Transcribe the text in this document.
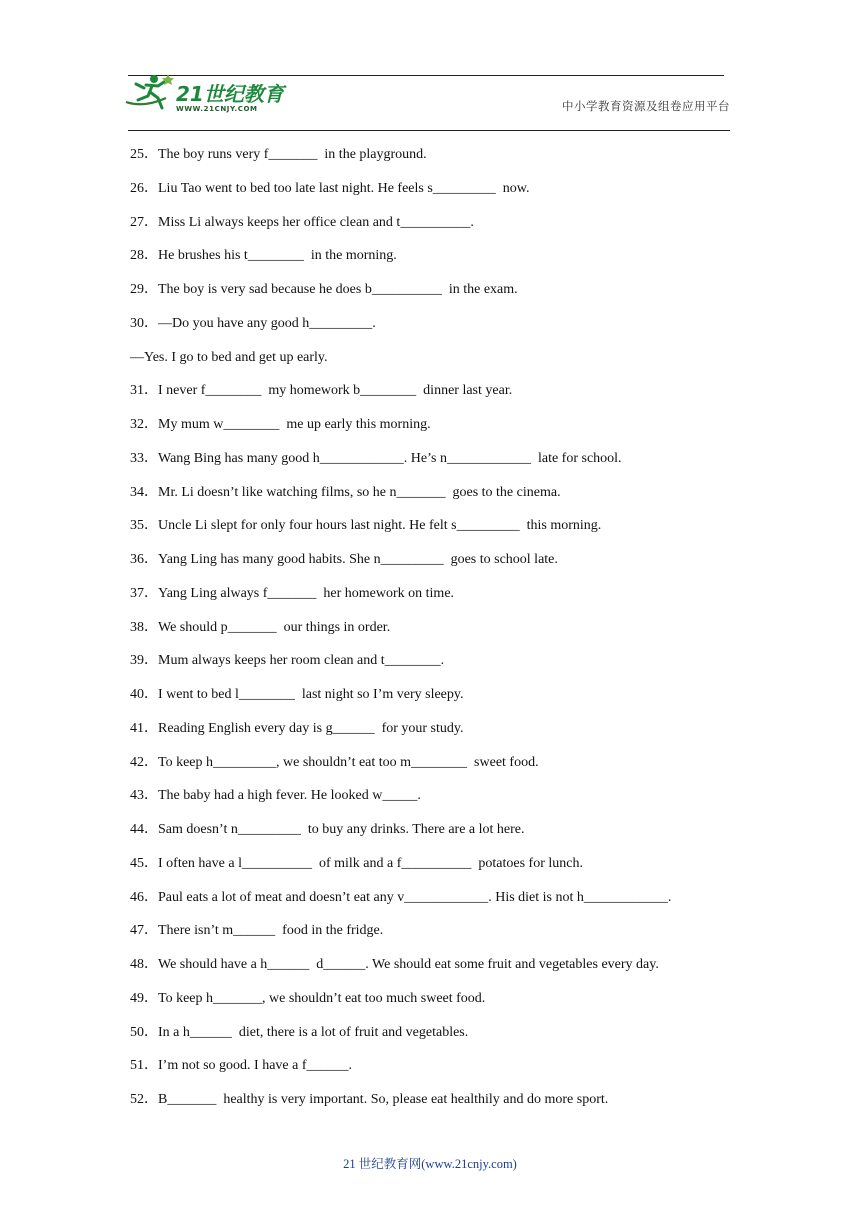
21世纪教育
WWW.21CNJY.COM	中小学教育资源及组卷应用平台
25．The boy runs very f_______  in the playground.
26．Liu Tao went to bed too late last night. He feels s_________  now.
27．Miss Li always keeps her office clean and t__________.
28．He brushes his t________  in the morning.
29．The boy is very sad because he does b__________  in the exam.
30．—Do you have any good h_________.
—Yes. I go to bed and get up early.
31．I never f________  my homework b________  dinner last year.
32．My mum w________  me up early this morning.
33．Wang Bing has many good h____________. He’s n____________  late for school.
34．Mr. Li doesn’t like watching films, so he n_______  goes to the cinema.
35．Uncle Li slept for only four hours last night. He felt s_________  this morning.
36．Yang Ling has many good habits. She n_________  goes to school late.
37．Yang Ling always f_______  her homework on time.
38．We should p_______  our things in order.
39．Mum always keeps her room clean and t________.
40．I went to bed l________  last night so I’m very sleepy.
41．Reading English every day is g______  for your study.
42．To keep h_________, we shouldn’t eat too m________  sweet food.
43．The baby had a high fever. He looked w_____.
44．Sam doesn’t n_________  to buy any drinks. There are a lot here.
45．I often have a l__________  of milk and a f__________  potatoes for lunch.
46．Paul eats a lot of meat and doesn’t eat any v____________. His diet is not h____________.
47．There isn’t m______  food in the fridge.
48．We should have a h______  d______. We should eat some fruit and vegetables every day.
49．To keep h_______, we shouldn’t eat too much sweet food.
50．In a h______  diet, there is a lot of fruit and vegetables.
51．I’m not so good. I have a f______.
52．B_______  healthy is very important. So, please eat healthily and do more sport.
21 世纪教育网(www.21cnjy.com)
